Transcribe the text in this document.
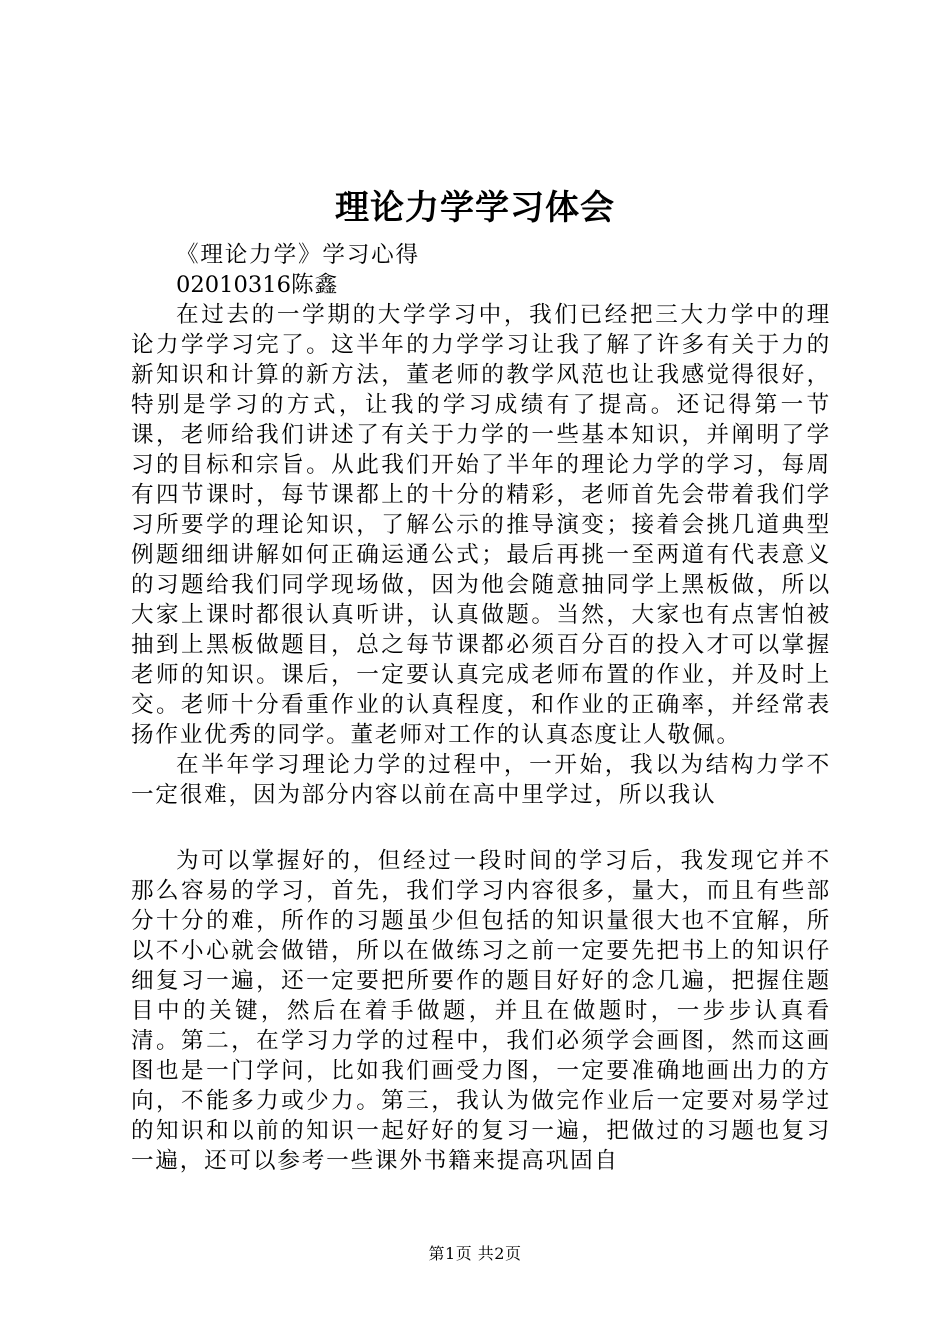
理论力学学习体会
《理论力学》学习心得
02010316陈鑫

在过去的一学期的大学学习中，我们已经把三大力学中的理论力学学习完了。这半年的力学学习让我了解了许多有关于力的新知识和计算的新方法，董老师的教学风范也让我感觉得很好，特别是学习的方式，让我的学习成绩有了提高。还记得第一节课，老师给我们讲述了有关于力学的一些基本知识，并阐明了学习的目标和宗旨。从此我们开始了半年的理论力学的学习，每周有四节课时，每节课都上的十分的精彩，老师首先会带着我们学习所要学的理论知识，了解公示的推导演变；接着会挑几道典型例题细细讲解如何正确运通公式；最后再挑一至两道有代表意义的习题给我们同学现场做，因为他会随意抽同学上黑板做，所以大家上课时都很认真听讲，认真做题。当然，大家也有点害怕被抽到上黑板做题目，总之每节课都必须百分百的投入才可以掌握老师的知识。课后，一定要认真完成老师布置的作业，并及时上交。老师十分看重作业的认真程度，和作业的正确率，并经常表扬作业优秀的同学。董老师对工作的认真态度让人敬佩。

在半年学习理论力学的过程中，一开始，我以为结构力学不一定很难，因为部分内容以前在高中里学过，所以我认

为可以掌握好的，但经过一段时间的学习后，我发现它并不那么容易的学习，首先，我们学习内容很多，量大，而且有些部分十分的难，所作的习题虽少但包括的知识量很大也不宜解，所以不小心就会做错，所以在做练习之前一定要先把书上的知识仔细复习一遍，还一定要把所要作的题目好好的念几遍，把握住题目中的关键，然后在着手做题，并且在做题时，一步步认真看清。第二，在学习力学的过程中，我们必须学会画图，然而这画图也是一门学问，比如我们画受力图，一定要准确地画出力的方向，不能多力或少力。第三，我认为做完作业后一定要对易学过的知识和以前的知识一起好好的复习一遍，把做过的习题也复习一遍，还可以参考一些课外书籍来提高巩固自

第1页 共2页
